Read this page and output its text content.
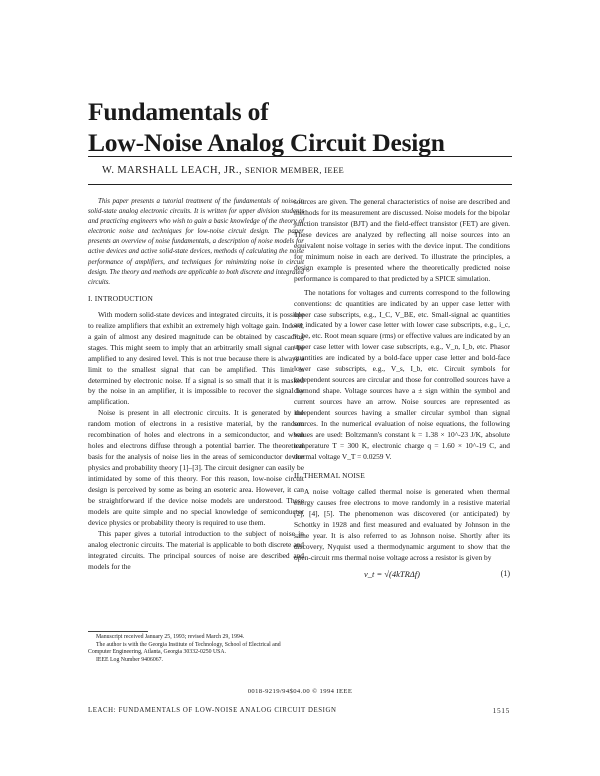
Fundamentals of
Low-Noise Analog Circuit Design
W. MARSHALL LEACH, JR., SENIOR MEMBER, IEEE

This paper presents a tutorial treatment of the fundamentals of noise in solid-state analog electronic circuits. It is written for upper division students and practicing engineers who wish to gain a basic knowledge of the theory of electronic noise and techniques for low-noise circuit design. The paper presents an overview of noise fundamentals, a description of noise models for active devices and active solid-state devices, methods of calculating the noise performance of amplifiers, and techniques for minimizing noise in circuit design. The theory and methods are applicable to both discrete and integrated circuits.

I. INTRODUCTION

With modern solid-state devices and integrated circuits, it is possible to realize amplifiers that exhibit an extremely high voltage gain. Indeed, a gain of almost any desired magnitude can be obtained by cascading stages. This might seem to imply that an arbitrarily small signal can be amplified to any desired level. This is not true because there is always a limit to the smallest signal that can be amplified. This limit is determined by electronic noise. If a signal is so small that it is masked by the noise in an amplifier, it is impossible to recover the signal by amplification.

Noise is present in all electronic circuits. It is generated by the random motion of electrons in a resistive material, by the random recombination of holes and electrons in a semiconductor, and when holes and electrons diffuse through a potential barrier. The theoretical basis for the analysis of noise lies in the areas of semiconductor device physics and probability theory [1]–[3]. The circuit designer can easily be intimidated by some of this theory. For this reason, low-noise circuit design is perceived by some as being an esoteric area. However, it can be straightforward if the device noise models are understood. These models are quite simple and no special knowledge of semiconductor device physics or probability theory is required to use them.

This paper gives a tutorial introduction to the subject of noise in analog electronic circuits. The material is applicable to both discrete and integrated circuits. The principal sources of noise are described and models for the

Manuscript received January 25, 1993; revised March 29, 1994.
The author is with the Georgia Institute of Technology, School of Electrical and Computer Engineering, Atlanta, Georgia 30332-0250 USA.
IEEE Log Number 9406067.

sources are given. The general characteristics of noise are described and methods for its measurement are discussed. Noise models for the bipolar junction transistor (BJT) and the field-effect transistor (FET) are given. These devices are analyzed by reflecting all noise sources into an equivalent noise voltage in series with the device input. The conditions for minimum noise in each are derived. To illustrate the principles, a design example is presented where the theoretically predicted noise performance is compared to that predicted by a SPICE simulation.

The notations for voltages and currents correspond to the following conventions: dc quantities are indicated by an upper case letter with upper case subscripts, e.g., I_C, V_BE, etc. Small-signal ac quantities are indicated by a lower case letter with lower case subscripts, e.g., i_c, v_be, etc. Root mean square (rms) or effective values are indicated by an upper case letter with lower case subscripts, e.g., V_n, I_b, etc. Phasor quantities are indicated by a bold-face upper case letter and bold-face lower case subscripts, e.g., V_s, I_b, etc. Circuit symbols for independent sources are circular and those for controlled sources have a diamond shape. Voltage sources have a ± sign within the symbol and current sources have an arrow. Noise sources are represented as independent sources having a smaller circular symbol than signal sources. In the numerical evaluation of noise equations, the following values are used: Boltzmann's constant k = 1.38 × 10^-23 J/K, absolute temperature T = 300 K, electronic charge q = 1.60 × 10^-19 C, and thermal voltage V_T = 0.0259 V.

II. THERMAL NOISE

A noise voltage called thermal noise is generated when thermal energy causes free electrons to move randomly in a resistive material [2], [4], [5]. The phenomenon was discovered (or anticipated) by Schottky in 1928 and first measured and evaluated by Johnson in the same year. It is also referred to as Johnson noise. Shortly after its discovery, Nyquist used a thermodynamic argument to show that the open-circuit rms thermal noise voltage across a resistor is given by

v_t = √(4kTRΔf)	(1)
0018-9219/94$04.00 © 1994 IEEE
LEACH: FUNDAMENTALS OF LOW-NOISE ANALOG CIRCUIT DESIGN	1515
